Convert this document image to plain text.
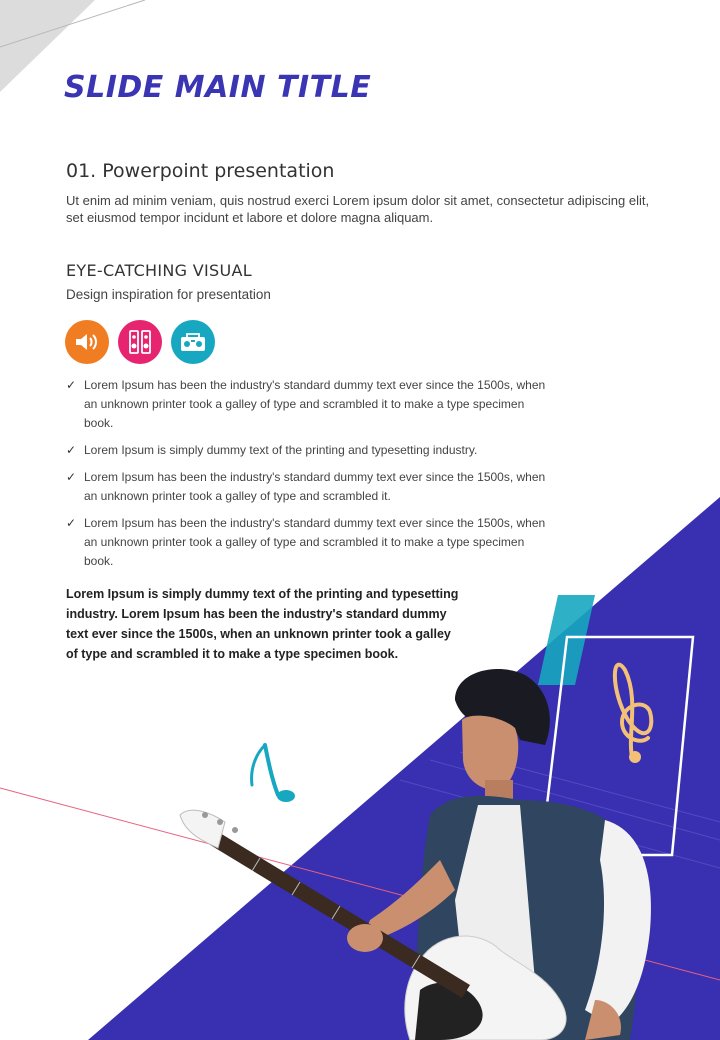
SLIDE MAIN TITLE
01. Powerpoint presentation
Ut enim ad minim veniam, quis nostrud exerci Lorem ipsum dolor sit amet, consectetur adipiscing elit, set eiusmod tempor incidunt et labore et dolore magna aliquam.
EYE-CATCHING VISUAL
Design inspiration for presentation
✓ Lorem Ipsum has been the industry's standard dummy text ever since the 1500s, when an unknown printer took a galley of type and scrambled it to make a type specimen book.
✓ Lorem Ipsum is simply dummy text of the printing and typesetting industry.
✓ Lorem Ipsum has been the industry's standard dummy text ever since the 1500s, when an unknown printer took a galley of type and scrambled it.
✓ Lorem Ipsum has been the industry's standard dummy text ever since the 1500s, when an unknown printer took a galley of type and scrambled it to make a type specimen book.
Lorem Ipsum is simply dummy text of the printing and typesetting industry. Lorem Ipsum has been the industry's standard dummy text ever since the 1500s, when an unknown printer took a galley of type and scrambled it to make a type specimen book.
